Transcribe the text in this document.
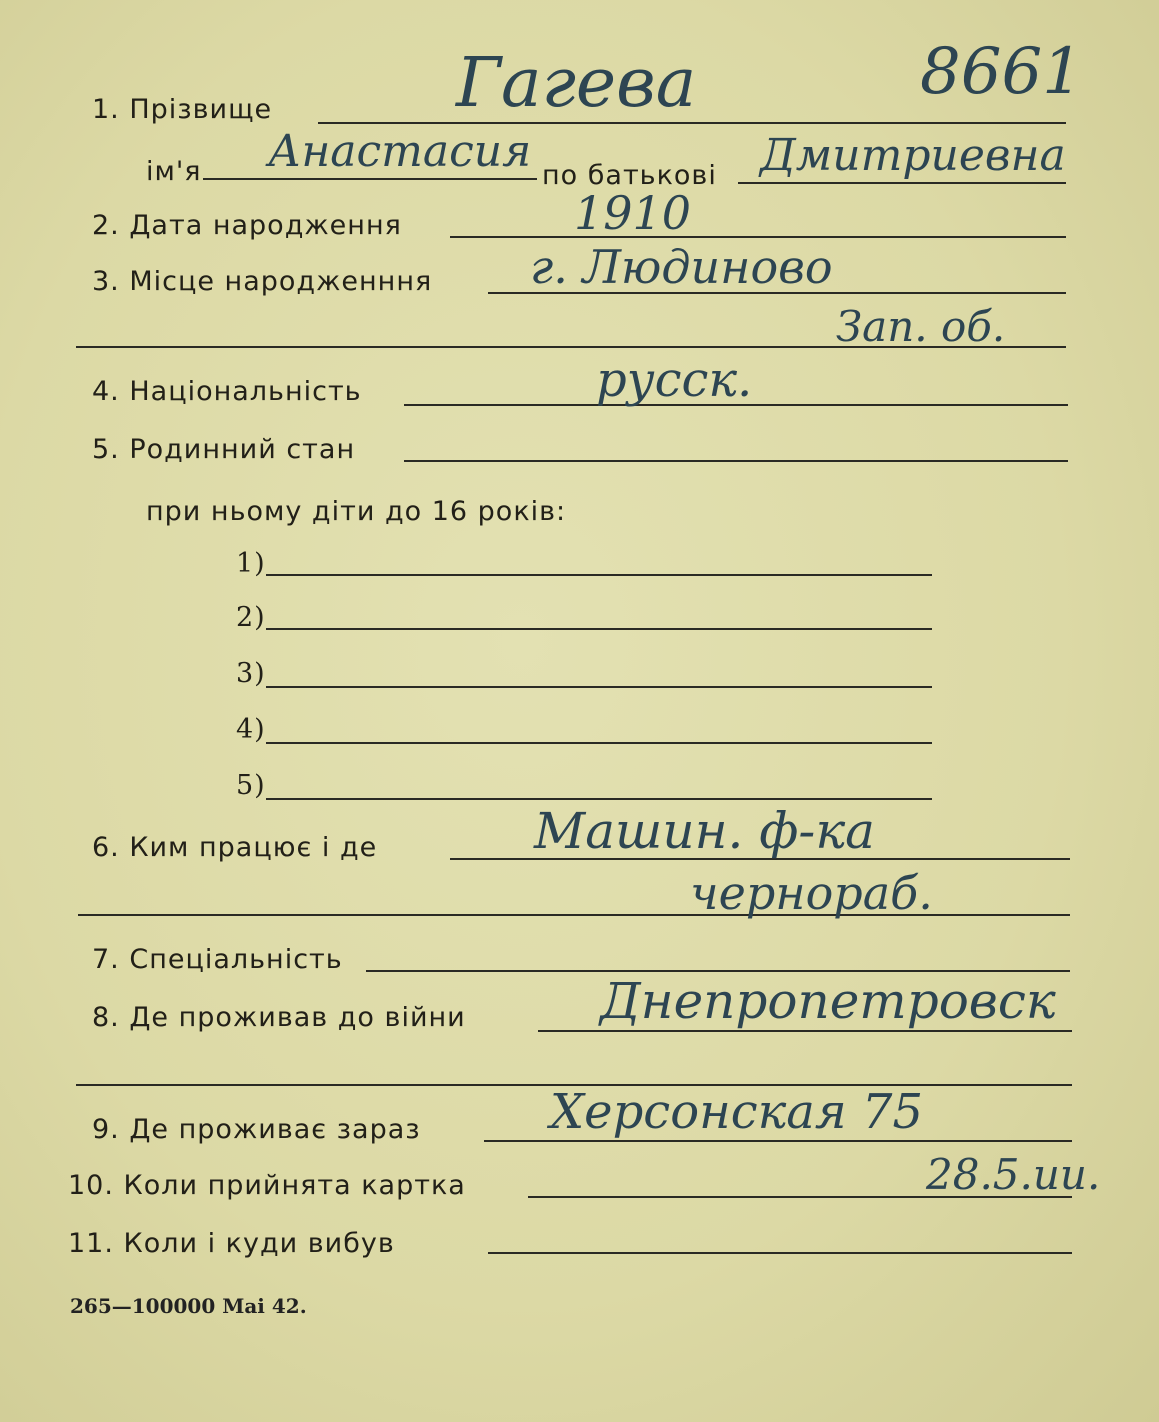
8661
1. Прізвище	Гагева
ім'я Анастасия по батькові Дмитриевна
2. Дата народження	1910
3. Місце народженння г. Людиново
Зап. об.
4. Національність	русск.
5. Родинний стан
при ньому діти до 16 років:
1)
2)
3)
4)
5)
6. Ким працює і де	Машин. ф-ка
чернораб.
7. Спеціальність
8. Де проживав до війни	Днепропетровск
9. Де проживає зараз	Херсонская 75
10. Коли прийнята картка	28.5.ии.
11. Коли і куди вибув
265—100000 Mai 42.
